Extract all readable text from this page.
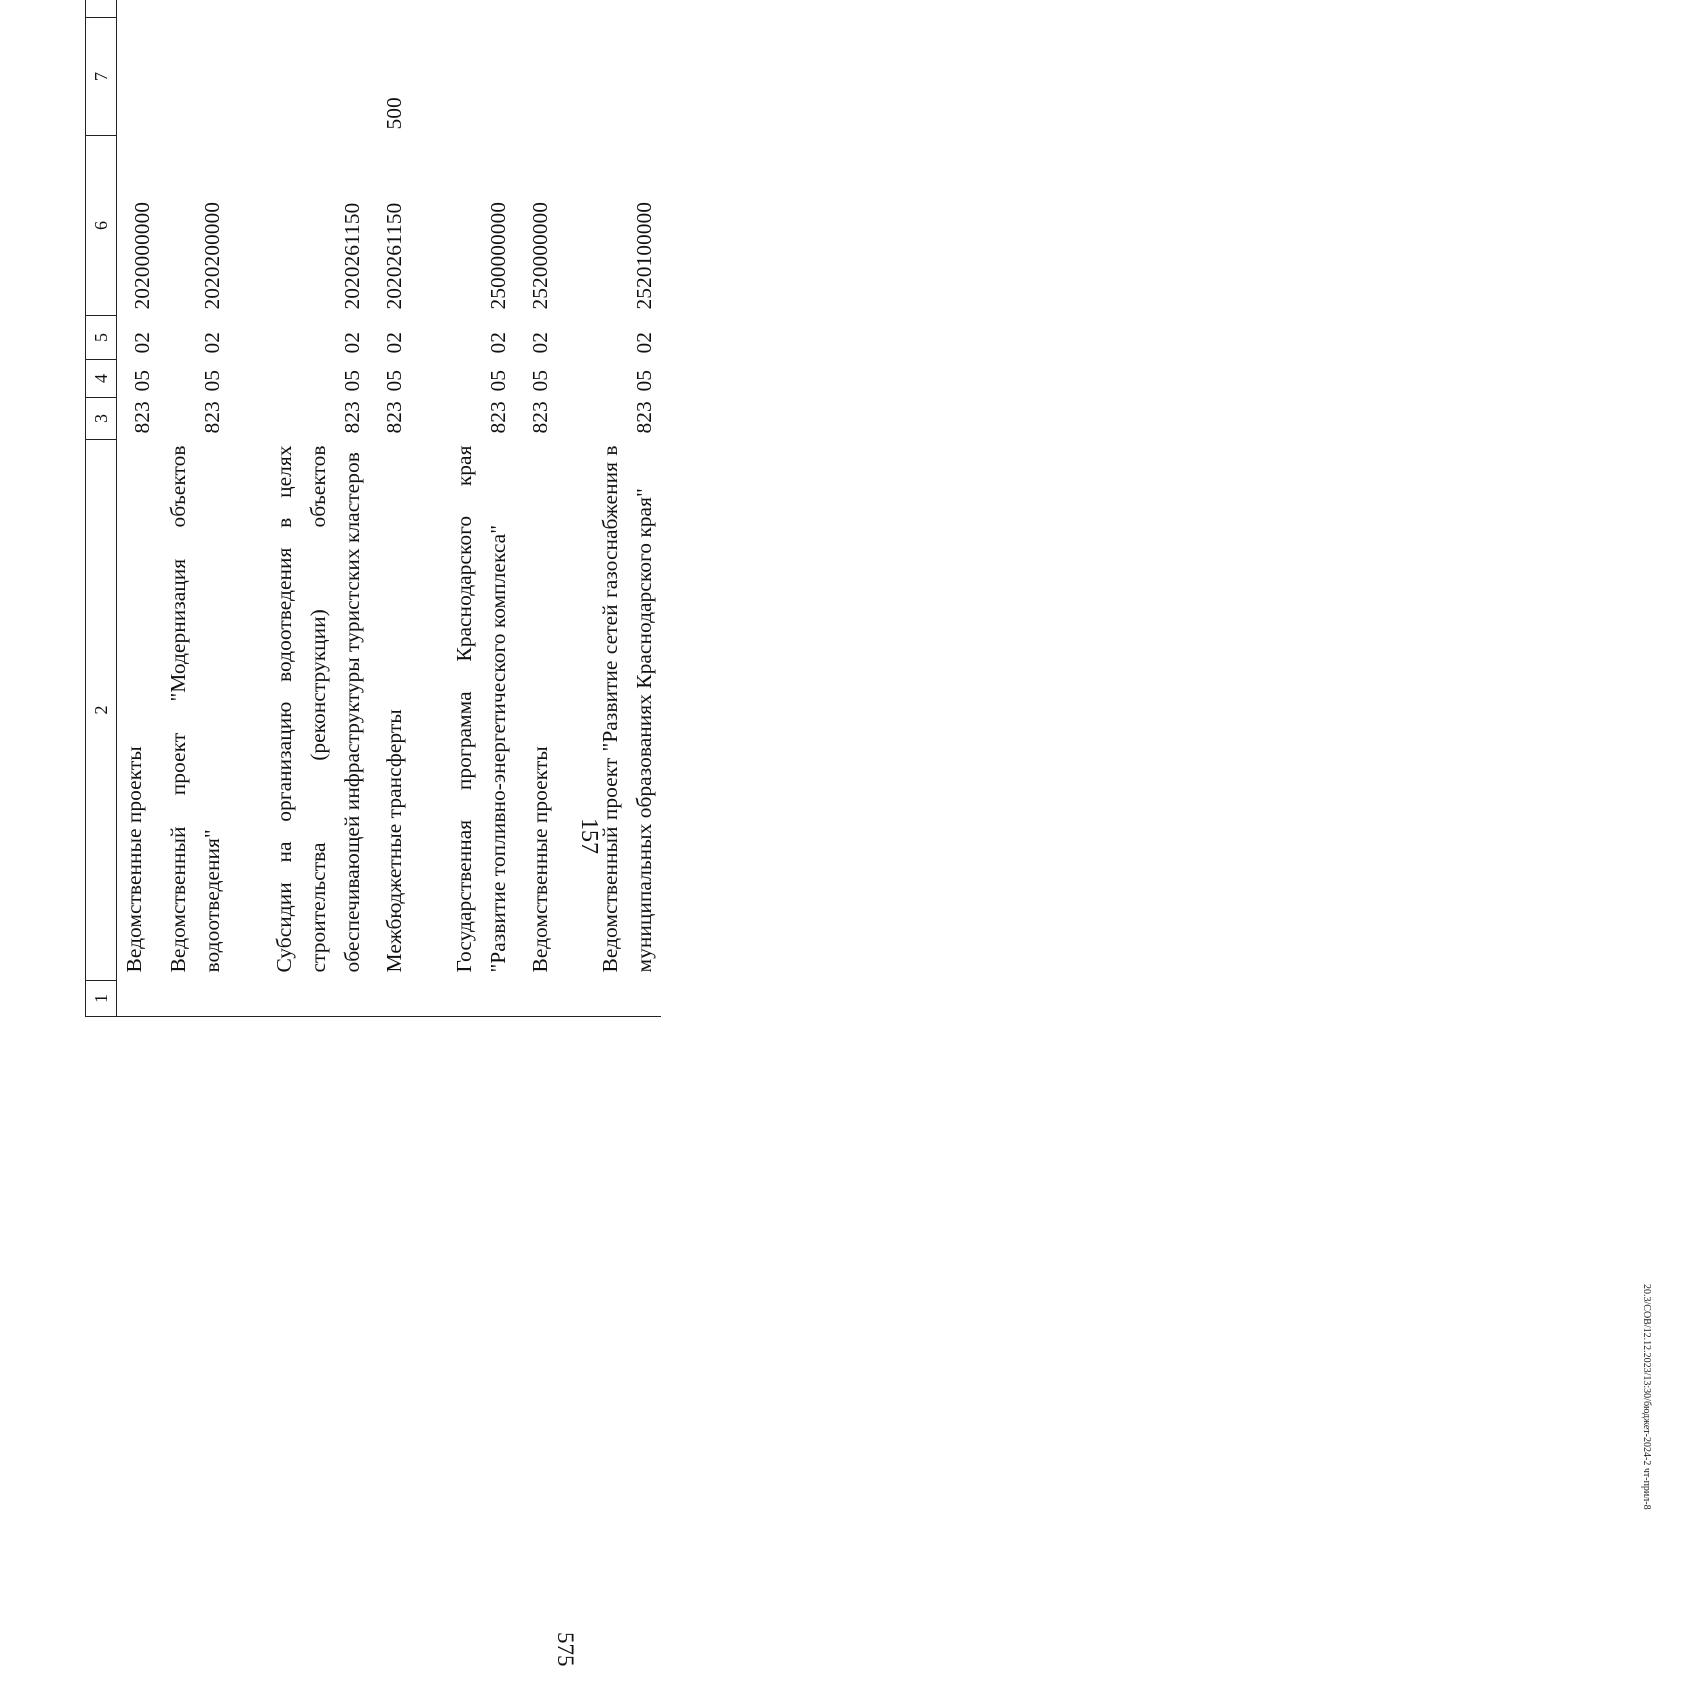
157
575
20.3/СОВ/12.12.2023/13:30/бюджет-2024-2 чт-прил-8
1	2	3	4	5	6	7			
	Ведомственные проекты	823	05	02	2020000000				
	Ведомственный проект "Модернизация объектов водоотведения"	823	05	02	2020200000				
	Субсидии на организацию водоотведения в целях строительства (реконструкции) объектов обеспечивающей инфраструктуры туристских кластеров	823	05	02	2020261150				
	Межбюджетные трансферты	823	05	02	2020261150	500			
	Государственная программа Краснодарского края "Развитие топливно-энергетического комплекса"	823	05	02	2500000000				
	Ведомственные проекты	823	05	02	2520000000				
	Ведомственный проект "Развитие сетей газоснабжения в муниципальных образованиях Краснодарского края"	823	05	02	2520100000				
